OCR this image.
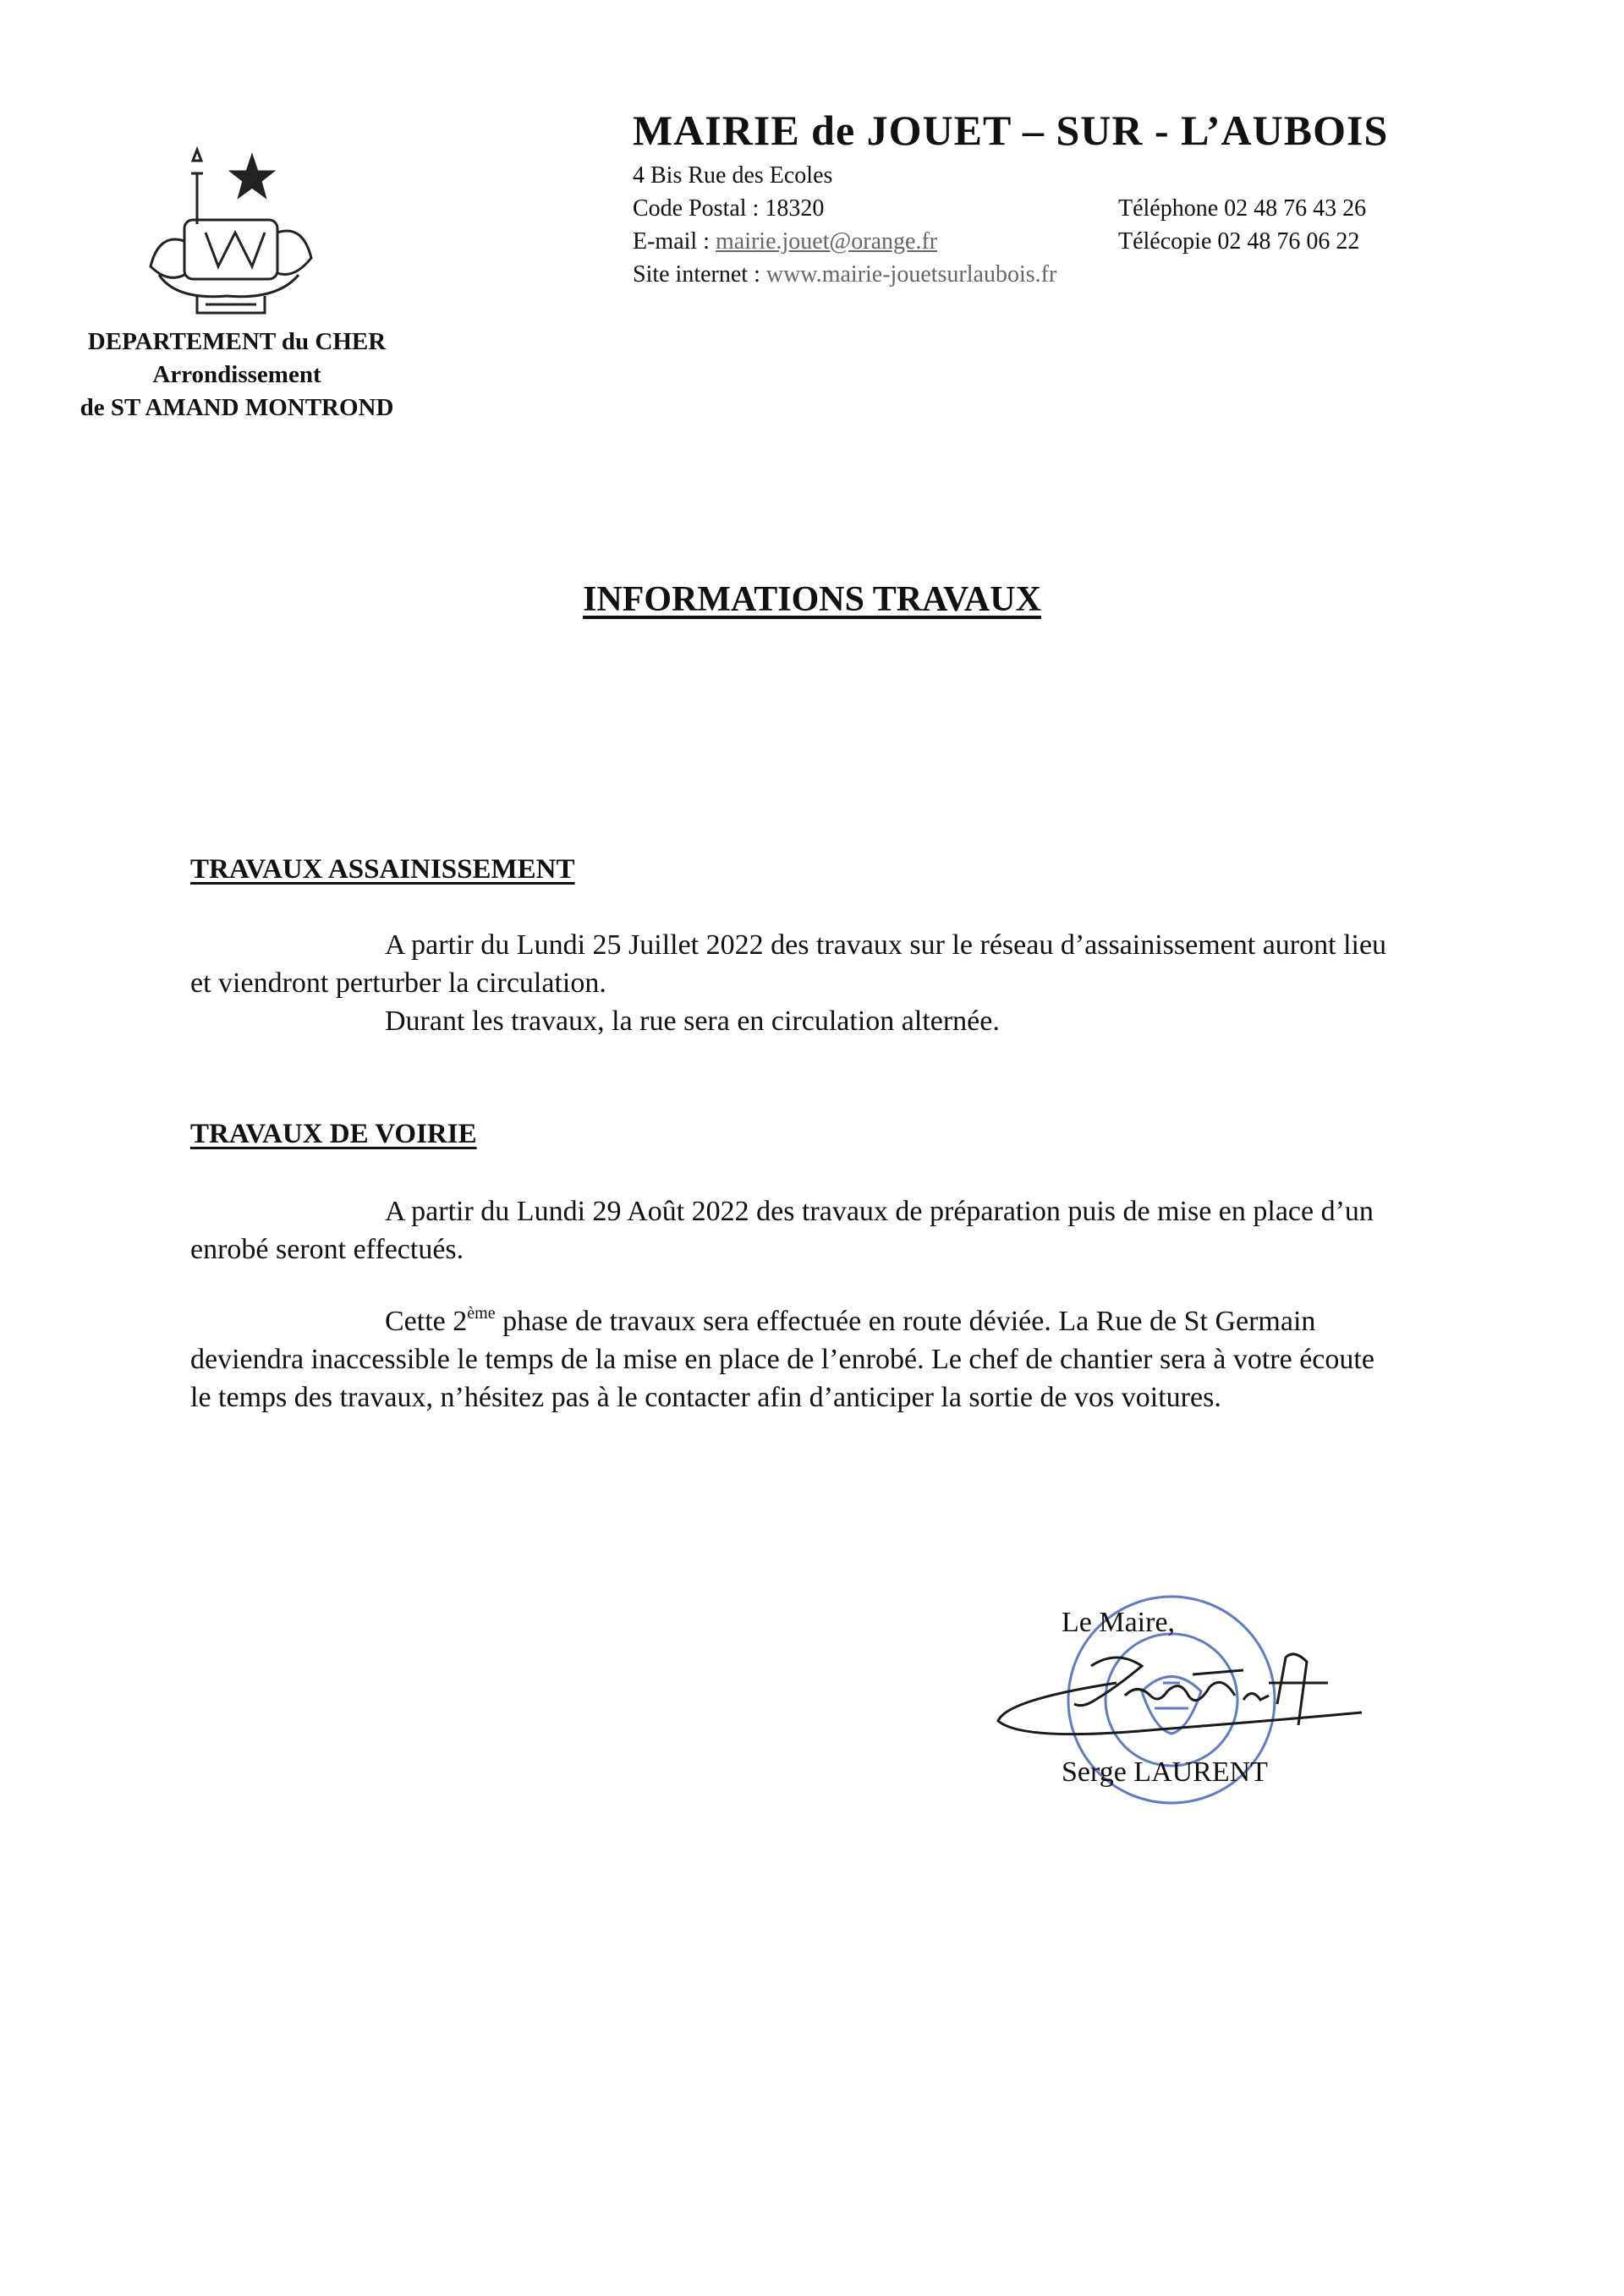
DEPARTEMENT du CHER
Arrondissement
de ST AMAND MONTROND
MAIRIE de JOUET – SUR - L’AUBOIS
4 Bis Rue des Ecoles
Code Postal : 18320
E-mail : mairie.jouet@orange.fr
Site internet : www.mairie-jouetsurlaubois.fr
Téléphone 02 48 76 43 26
Télécopie 02 48 76 06 22
INFORMATIONS TRAVAUX
TRAVAUX ASSAINISSEMENT

A partir du Lundi 25 Juillet 2022 des travaux sur le réseau d’assainissement auront lieu

et viendront perturber la circulation.

Durant les travaux, la rue sera en circulation alternée.

TRAVAUX DE VOIRIE

A partir du Lundi 29 Août 2022 des travaux de préparation puis de mise en place d’un

enrobé seront effectués.

Cette 2ème phase de travaux sera effectuée en route déviée. La Rue de St Germain

deviendra inaccessible le temps de la mise en place de l’enrobé. Le chef de chantier sera à votre écoute

le temps des travaux, n’hésitez pas à le contacter afin d’anticiper la sortie de vos voitures.

Le Maire,
Serge LAURENT
